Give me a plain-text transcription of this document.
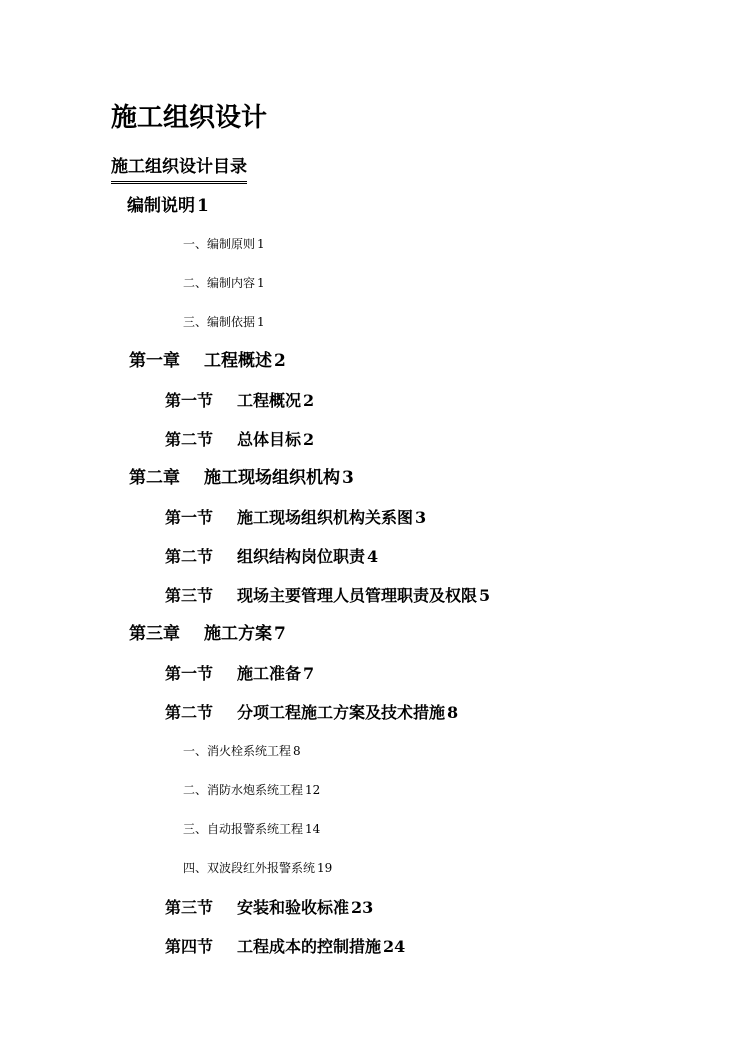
施工组织设计
施工组织设计目录
编制说明 1
一、编制原则 1
二、编制内容 1
三、编制依据 1
第一章 工程概述 2
第一节 工程概况 2
第二节 总体目标 2
第二章 施工现场组织机构 3
第一节 施工现场组织机构关系图 3
第二节 组织结构岗位职责 4
第三节 现场主要管理人员管理职责及权限 5
第三章 施工方案 7
第一节 施工准备 7
第二节 分项工程施工方案及技术措施 8
一、消火栓系统工程 8
二、消防水炮系统工程 12
三、自动报警系统工程 14
四、双波段红外报警系统 19
第三节 安装和验收标准 23
第四节 工程成本的控制措施 24
